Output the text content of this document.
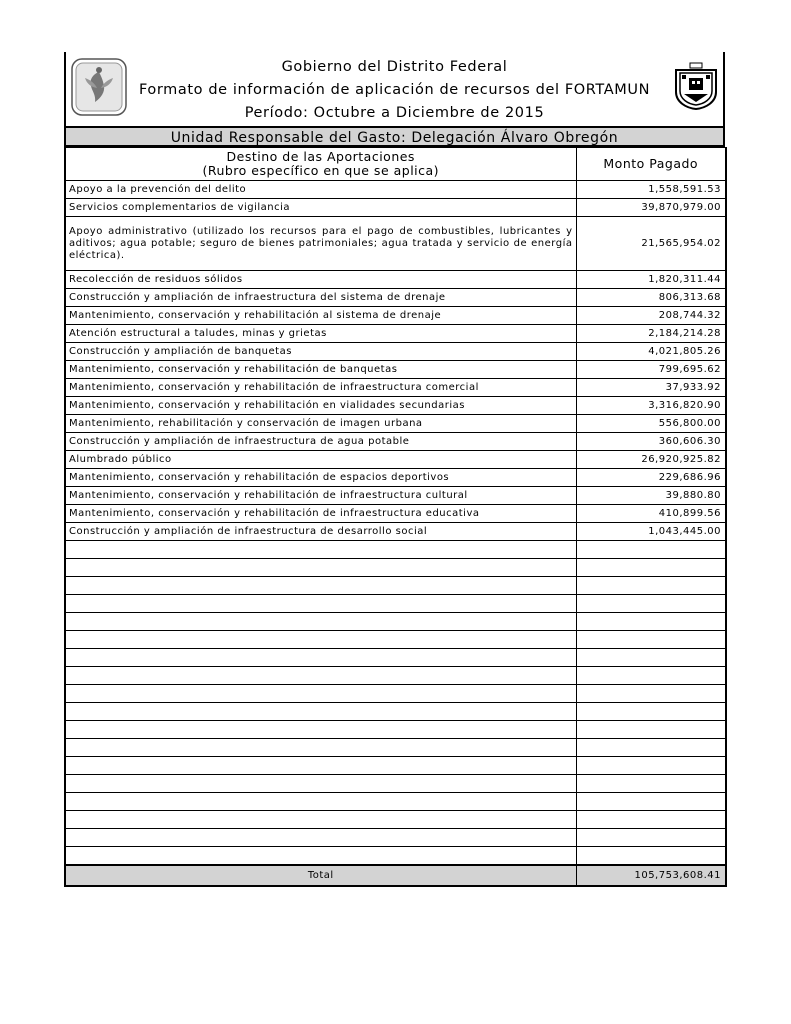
Gobierno del Distrito Federal
Formato de información de aplicación de recursos del FORTAMUN
Período: Octubre a Diciembre de 2015
Unidad Responsable del Gasto: Delegación Álvaro Obregón
Destino de las Aportaciones
(Rubro específico en que se aplica)	Monto Pagado
Apoyo a la prevención del delito	1,558,591.53
Servicios complementarios de vigilancia	39,870,979.00
Apoyo administrativo (utilizado los recursos para el pago de combustibles, lubricantes y aditivos; agua potable; seguro de bienes patrimoniales; agua tratada y servicio de energía eléctrica).	21,565,954.02
Recolección de residuos sólidos	1,820,311.44
Construcción y ampliación de infraestructura del sistema de drenaje	806,313.68
Mantenimiento, conservación y rehabilitación al sistema de drenaje	208,744.32
Atención estructural a taludes, minas y grietas	2,184,214.28
Construcción y ampliación de banquetas	4,021,805.26
Mantenimiento, conservación y rehabilitación de banquetas	799,695.62
Mantenimiento, conservación y rehabilitación de infraestructura comercial	37,933.92
Mantenimiento, conservación y rehabilitación en vialidades secundarias	3,316,820.90
Mantenimiento, rehabilitación y conservación de imagen urbana	556,800.00
Construcción y ampliación de infraestructura de agua potable	360,606.30
Alumbrado público	26,920,925.82
Mantenimiento, conservación y rehabilitación de espacios deportivos	229,686.96
Mantenimiento, conservación y rehabilitación de infraestructura cultural	39,880.80
Mantenimiento, conservación y rehabilitación de infraestructura educativa	410,899.56
Construcción y ampliación de infraestructura de desarrollo social	1,043,445.00

Total	105,753,608.41
